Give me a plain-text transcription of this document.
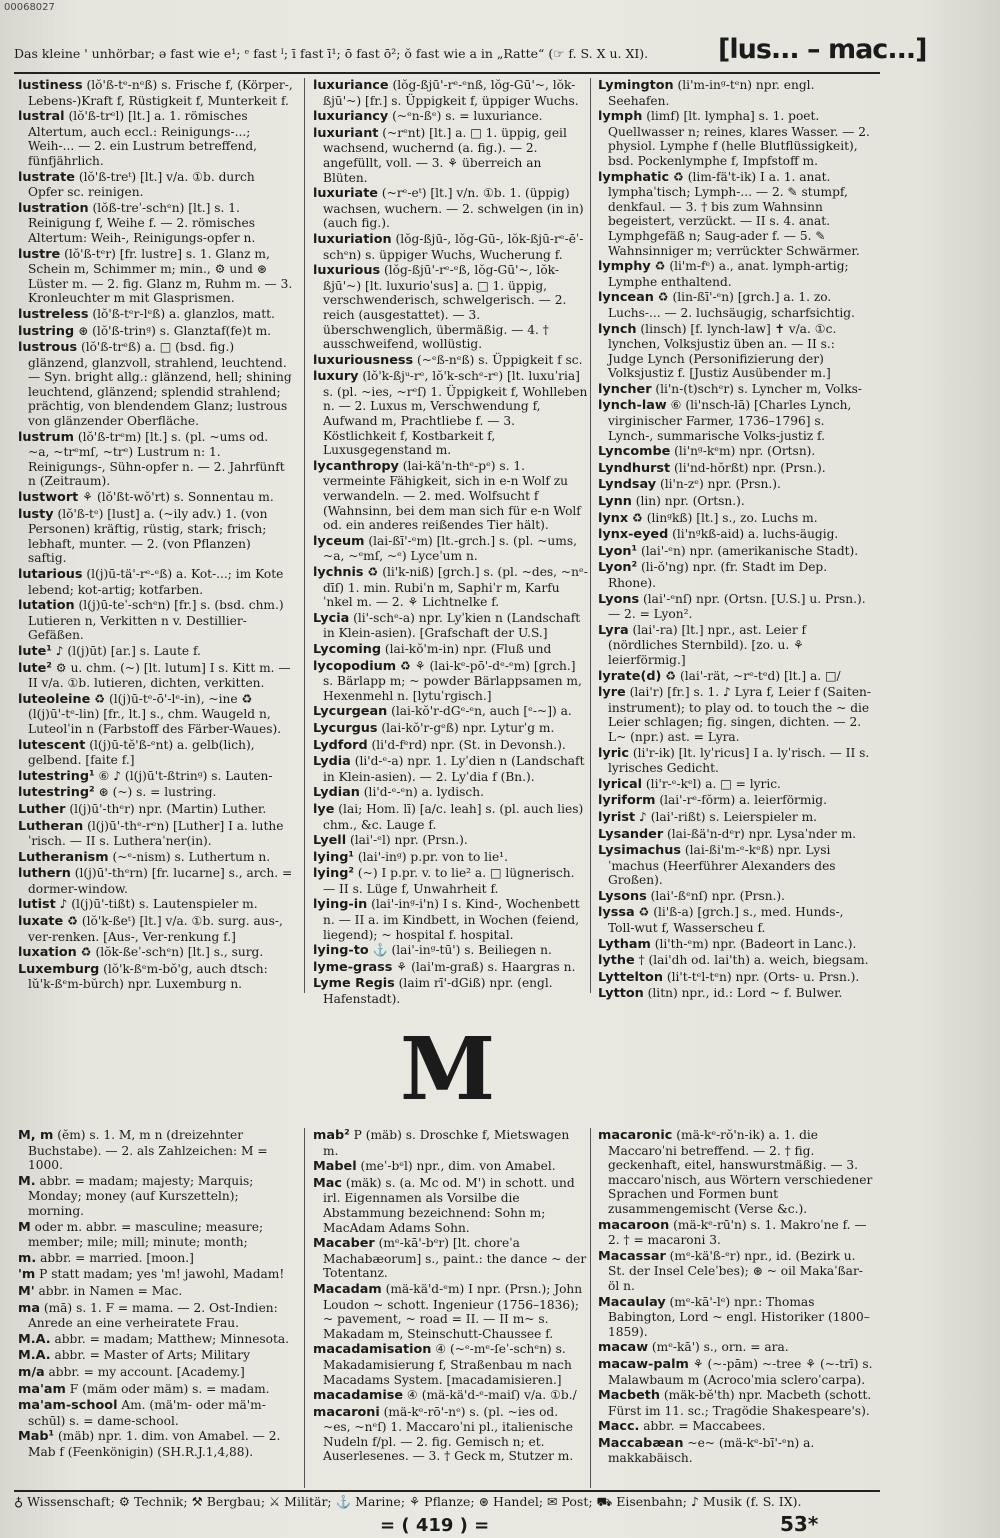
00068027
Das kleine ' unhörbar; ə fast wie e¹; ᵉ fast ᴵ; ī fast ī¹; ō fast ō²; ŏ fast wie a in „Ratte“ (☞ f. S. X u. XI).	[lus... – mac...]
lustiness (lŏ'ß-tᵉ-nᵉß) s. Frische f, (Körper-, Lebens-)Kraft f, Rüstigkeit f, Munterkeit f.
lustral (lŏ'ß-trᵉl) [lt.] a. 1. römisches Altertum, auch eccl.: Reinigungs-...; Weih-... — 2. ein Lustrum betreffend, fünfjährlich.
lustrate (lŏ'ß-treᵗ) [lt.] v/a. ①b. durch Opfer sc. reinigen.
lustration (lŏß-treˈ-schᵉn) [lt.] s. 1. Reinigung f, Weihe f. — 2. römisches Altertum: Weih-, Reinigungs-opfer n.
lustre (lŏ'ß-tᵉr) [fr. lustre] s. 1. Glanz m, Schein m, Schimmer m; min., ⚙ und ⊛ Lüster m. — 2. fig. Glanz m, Ruhm m. — 3. Kronleuchter m mit Glasprismen.
lustreless (lŏ'ß-tᵉr-lᵉß) a. glanzlos, matt.
lustring ⊛ (lŏ'ß-trinᵍ) s. Glanztaf(fe)t m.
lustrous (lŏ'ß-trᵉß) a. □ (bsd. fig.) glänzend, glanzvoll, strahlend, leuchtend. — Syn. bright allg.: glänzend, hell; shining leuchtend, glänzend; splendid strahlend; prächtig, von blendendem Glanz; lustrous von glänzender Oberfläche.
lustrum (lŏ'ß-trᵉm) [lt.] s. (pl. ~ums od. ~a, ~trᵉmſ, ~trᵉ) Lustrum n: 1. Reinigungs-, Sühn-opfer n. — 2. Jahrfünft n (Zeitraum).
lustwort ⚘ (lŏ'ßt-wŏ'rt) s. Sonnentau m.
lusty (lŏ'ß-tᵉ) [lust] a. (~ily adv.) 1. (von Personen) kräftig, rüstig, stark; frisch; lebhaft, munter. — 2. (von Pflanzen) saftig.
lutarious (l(j)ū-tä'-rᵉ-ᵉß) a. Kot-...; im Kote lebend; kot-artig; kotfarben.
lutation (l(j)ū-teˈ-schᵉn) [fr.] s. (bsd. chm.) Lutieren n, Verkitten n v. Destillier-Gefäßen.
lute¹ ♪ (l(j)ūt) [ar.] s. Laute f.
lute² ⚙ u. chm. (~) [lt. lutum] I s. Kitt m. — II v/a. ①b. lutieren, dichten, verkitten.
luteoleine ♻ (l(j)ū-tᵉ-ō'-lᵉ-in), ~ine ♻ (l(j)ū'-tᵉ-lin) [fr., lt.] s., chm. Waugeld n, Luteolˈin n (Farbstoff des Färber-Waues).
lutescent (l(j)ū-tĕ'ß-ᵉnt) a. gelb(lich), gelbend. [faite f.]
lutestring¹ ⑥ ♪ (l(j)ū't-ßtrinᵍ) s. Lauten-
lutestring² ⊛ (~) s. = lustring.
Luther (l(j)ū'-thᵉr) npr. (Martin) Luther.
Lutheran (l(j)ū'-thᵉ-rᵉn) [Luther] I a. lutheˈrisch. — II s. Lutheraˈner(in).
Lutheranism (~ᵉ-nism) s. Luthertum n.
luthern (l(j)ū'-thᵉrn) [fr. lucarne] s., arch. = dormer-window.
lutist ♪ (l(j)ū'-tißt) s. Lautenspieler m.
luxate ♻ (lŏ'k-ßeᵗ) [lt.] v/a. ①b. surg. aus-, ver-renken. [Aus-, Ver-renkung f.]
luxation ♻ (lŏk-ßeˈ-schᵉn) [lt.] s., surg.
Luxemburg (lŏ'k-ßᵉm-bŏ'g, auch dtsch: lŭ'k-ßᵉm-bŭrch) npr. Luxemburg n.
luxuriance (lŏg-ßjū'-rᵉ-ᵉnß, lŏg-Gū'~, lŏk-ßjū'~) [fr.] s. Üppigkeit f, üppiger Wuchs.
luxuriancy (~ᵉn-ßᵉ) s. = luxuriance.
luxuriant (~rᵉnt) [lt.] a. □ 1. üppig, geil wachsend, wuchernd (a. fig.). — 2. angefüllt, voll. — 3. ⚘ überreich an Blüten.
luxuriate (~rᵉ-eᵗ) [lt.] v/n. ①b. 1. (üppig) wachsen, wuchern. — 2. schwelgen (in in) (auch fig.).
luxuriation (lŏg-ßjū-, lŏg-Gū-, lŏk-ßjū-rᵉ-ēˈ-schᵉn) s. üppiger Wuchs, Wucherung f.
luxurious (lŏg-ßjū'-rᵉ-ᵉß, lŏg-Gū'~, lŏk-ßjū'~) [lt. luxurioˈsus] a. □ 1. üppig, verschwenderisch, schwelgerisch. — 2. reich (ausgestattet). — 3. überschwenglich, übermäßig. — 4. † ausschweifend, wollüstig.
luxuriousness (~ᵉß-nᵉß) s. Üppigkeit f sc.
luxury (lŏ'k-ßjᵘ-rᵉ, lŏ'k-schᵉ-rᵉ) [lt. luxuˈria] s. (pl. ~ies, ~rᵉſ) 1. Üppigkeit f, Wohlleben n. — 2. Luxus m, Verschwendung f, Aufwand m, Prachtliebe f. — 3. Köstlichkeit f, Kostbarkeit f, Luxusgegenstand m.
lycanthropy (lai-kä'n-thᵉ-pᵉ) s. 1. vermeinte Fähigkeit, sich in e-n Wolf zu verwandeln. — 2. med. Wolfsucht f (Wahnsinn, bei dem man sich für e-n Wolf od. ein anderes reißendes Tier hält).
lyceum (lai-ßī'-ᵉm) [lt.-grch.] s. (pl. ~ums, ~a, ~ᵉmſ, ~ᵉ) Lyceˈum n.
lychnis ♻ (li'k-niß) [grch.] s. (pl. ~des, ~nᵉ-dīſ) 1. min. Rubiˈn m, Saphiˈr m, Karfuˈnkel m. — 2. ⚘ Lichtnelke f.
Lycia (li'-schᵉ-a) npr. Lyˈkien n (Landschaft in Klein-asien). [Grafschaft der U.S.]
Lycoming (lai-kŏ'm-in) npr. (Fluß und
lycopodium ♻ ⚘ (lai-kᵉ-pō'-dᵉ-ᵉm) [grch.] s. Bärlapp m; ~ powder Bärlappsamen m, Hexenmehl n. [lytuˈrgisch.]
Lycurgean (lai-kŏ'r-dGᵉ-ᵉn, auch [ᵉ-~]) a.
Lycurgus (lai-kŏ'r-gᵉß) npr. Lyturˈg m.
Lydford (li'd-fᵉrd) npr. (St. in Devonsh.).
Lydia (li'd-ᵉ-a) npr. 1. Lyˈdien n (Landschaft in Klein-asien). — 2. Lyˈdia f (Bn.).
Lydian (li'd-ᵉ-ᵉn) a. lydisch.
lye (lai; Hom. lī) [a/c. leah] s. (pl. auch lies) chm., &c. Lauge f.
Lyell (lai'-ᵉl) npr. (Prsn.).
lying¹ (lai'-inᵍ) p.pr. von to lie¹.
lying² (~) I p.pr. v. to lie² a. □ lügnerisch. — II s. Lüge f, Unwahrheit f.
lying-in (lai'-inᵍ-i'n) I s. Kind-, Wochenbett n. — II a. im Kindbett, in Wochen (feiend, liegend); ~ hospital f. hospital.
lying-to ⚓ (lai'-inᵍ-tū') s. Beiliegen n.
lyme-grass ⚘ (lai'm-graß) s. Haargras n.
Lyme Regis (laim rī'-dGiß) npr. (engl. Hafenstadt).
Lymington (li'm-inᵍ-tᵉn) npr. engl. Seehafen.
lymph (limf) [lt. lympha] s. 1. poet. Quellwasser n; reines, klares Wasser. — 2. physiol. Lymphe f (helle Blutflüssigkeit), bsd. Pockenlymphe f, Impfstoff m.
lymphatic ♻ (lim-fä't-ik) I a. 1. anat. lymphaˈtisch; Lymph-... — 2. ✎ stumpf, denkfaul. — 3. † bis zum Wahnsinn begeistert, verzückt. — II s. 4. anat. Lymphgefäß n; Saug-ader f. — 5. ✎ Wahnsinniger m; verrückter Schwärmer.
lymphy ♻ (li'm-fᵉ) a., anat. lymph-artig; Lymphe enthaltend.
lyncean ♻ (lin-ßī'-ᵉn) [grch.] a. 1. zo. Luchs-... — 2. luchsäugig, scharfsichtig.
lynch (linsch) [f. lynch-law] ✝ v/a. ①c. lynchen, Volksjustiz üben an. — II s.: Judge Lynch (Personifizierung der) Volksjustiz f. [Justiz Ausübender m.]
lyncher (li'n-(t)schᵉr) s. Lyncher m, Volks-
lynch-law ⑥ (li'nsch-lā) [Charles Lynch, virginischer Farmer, 1736–1796] s. Lynch-, summarische Volks-justiz f.
Lyncombe (li'nᵍ-kᵉm) npr. (Ortsn).
Lyndhurst (li'nd-hŏrßt) npr. (Prsn.).
Lyndsay (li'n-zᵉ) npr. (Prsn.).
Lynn (lin) npr. (Ortsn.).
lynx ♻ (linᵍkß) [lt.] s., zo. Luchs m.
lynx-eyed (li'nᵍkß-aid) a. luchs-äugig.
Lyon¹ (lai'-ᵉn) npr. (amerikanische Stadt).
Lyon² (li-ŏ'ng) npr. (fr. Stadt im Dep. Rhone).
Lyons (lai'-ᵉnſ) npr. (Ortsn. [U.S.] u. Prsn.). — 2. = Lyon².
Lyra (lai'-ra) [lt.] npr., ast. Leier f (nördliches Sternbild). [zo. u. ⚘ leierförmig.]
lyrate(d) ♻ (lai'-rät, ~rᵉ-tᵉd) [lt.] a. □/
lyre (lai'r) [fr.] s. 1. ♪ Lyra f, Leier f (Saiten-instrument); to play od. to touch the ~ die Leier schlagen; fig. singen, dichten. — 2. L~ (npr.) ast. = Lyra.
lyric (li'r-ik) [lt. lyˈricus] I a. lyˈrisch. — II s. lyrisches Gedicht.
lyrical (li'r-ᵉ-kᵉl) a. □ = lyric.
lyriform (lai'-rᵉ-fŏrm) a. leierförmig.
lyrist ♪ (lai'-rißt) s. Leierspieler m.
Lysander (lai-ßä'n-dᵉr) npr. Lysaˈnder m.
Lysimachus (lai-ßi'm-ᵉ-kᵉß) npr. Lysiˈmachus (Heerführer Alexanders des Großen).
Lysons (lai'-ßᵉnſ) npr. (Prsn.).
lyssa ♻ (li'ß-a) [grch.] s., med. Hunds-, Toll-wut f, Wasserscheu f.
Lytham (li'th-ᵉm) npr. (Badeort in Lanc.).
lythe † (lai'dh od. lai'th) a. weich, biegsam.
Lyttelton (li't-tᵉl-tᵉn) npr. (Orts- u. Prsn.).
Lytton (litn) npr., id.: Lord ~ f. Bulwer.
M
M, m (ĕm) s. 1. M, m n (dreizehnter Buchstabe). — 2. als Zahlzeichen: M = 1000.
M. abbr. = madam; majesty; Marquis; Monday; money (auf Kurszetteln); morning.
M oder m. abbr. = masculine; measure; member; mile; mill; minute; month;
m. abbr. = married. [moon.]
'm P statt madam; yes 'm! jawohl, Madam!
M' abbr. in Namen = Mac.
ma (mā) s. 1. F = mama. — 2. Ost-Indien: Anrede an eine verheiratete Frau.
M.A. abbr. = madam; Matthew; Minnesota.
M.A. abbr. = Master of Arts; Military
m/a abbr. = my account. [Academy.]
ma'am F (mäm oder mäm) s. = madam.
ma'am-school Am. (mä'm- oder mä'm-schūl) s. = dame-school.
Mab¹ (mäb) npr. 1. dim. von Amabel. — 2. Mab f (Feenkönigin) (SH.R.J.1,4,88).
mab² P (mäb) s. Droschke f, Mietswagen m.
Mabel (meˈ-bᵉl) npr., dim. von Amabel.
Mac (mäk) s. (a. Mc od. M') in schott. und irl. Eigennamen als Vorsilbe die Abstammung bezeichnend: Sohn m; MacAdam Adams Sohn.
Macaber (mᵉ-kā'-bᵉr) [lt. choreˈa Machabæorum] s., paint.: the dance ~ der Totentanz.
Macadam (mä-kä'd-ᵉm) I npr. (Prsn.); John Loudon ~ schott. Ingenieur (1756–1836); ~ pavement, ~ road = II. — II m~ s. Makadam m, Steinschutt-Chaussee f.
macadamisation ④ (~ᵉ-mᵉ-ſeˈ-schᵉn) s. Makadamisierung f, Straßenbau m nach Macadams System. [macadamisieren.]
macadamise ④ (mä-kä'd-ᵉ-maiſ) v/a. ①b./
macaroni (mä-kᵉ-rō'-nᵉ) s. (pl. ~ies od. ~es, ~nᵉſ) 1. Maccaroˈni pl., italienische Nudeln f/pl. — 2. fig. Gemisch n; et. Auserlesenes. — 3. † Geck m, Stutzer m.
macaronic (mä-kᵉ-rŏ'n-ik) a. 1. die Maccaroˈni betreffend. — 2. † fig. geckenhaft, eitel, hanswurstmäßig. — 3. maccaroˈnisch, aus Wörtern verschiedener Sprachen und Formen bunt zusammengemischt (Verse &c.).
macaroon (mä-kᵉ-rū'n) s. 1. Makroˈne f. — 2. † = macaroni 3.
Macassar (mᵉ-kä'ß-ᵉr) npr., id. (Bezirk u. St. der Insel Celeˈbes); ⊛ ~ oil Makaˈßar-öl n.
Macaulay (mᵉ-kā'-lᵉ) npr.: Thomas Babington, Lord ~ engl. Historiker (1800–1859).
macaw (mᵉ-kā') s., orn. = ara.
macaw-palm ⚘ (~-pām) ~-tree ⚘ (~-trī) s. Malawbaum m (Acrocoˈmia scleroˈcarpa).
Macbeth (mäk-bĕ'th) npr. Macbeth (schott. Fürst im 11. sc.; Tragödie Shakespeare's).
Macc. abbr. = Maccabees.
Maccabæan ~e~ (mä-kᵉ-bī'-ᵉn) a. makkabäisch.
♁ Wissenschaft; ⚙ Technik; ⚒ Bergbau; ⚔ Militär; ⚓ Marine; ⚘ Pflanze; ⊛ Handel; ✉ Post; ⛟ Eisenbahn; ♪ Musik (f. S. IX).
= ( 419 ) =	53*
